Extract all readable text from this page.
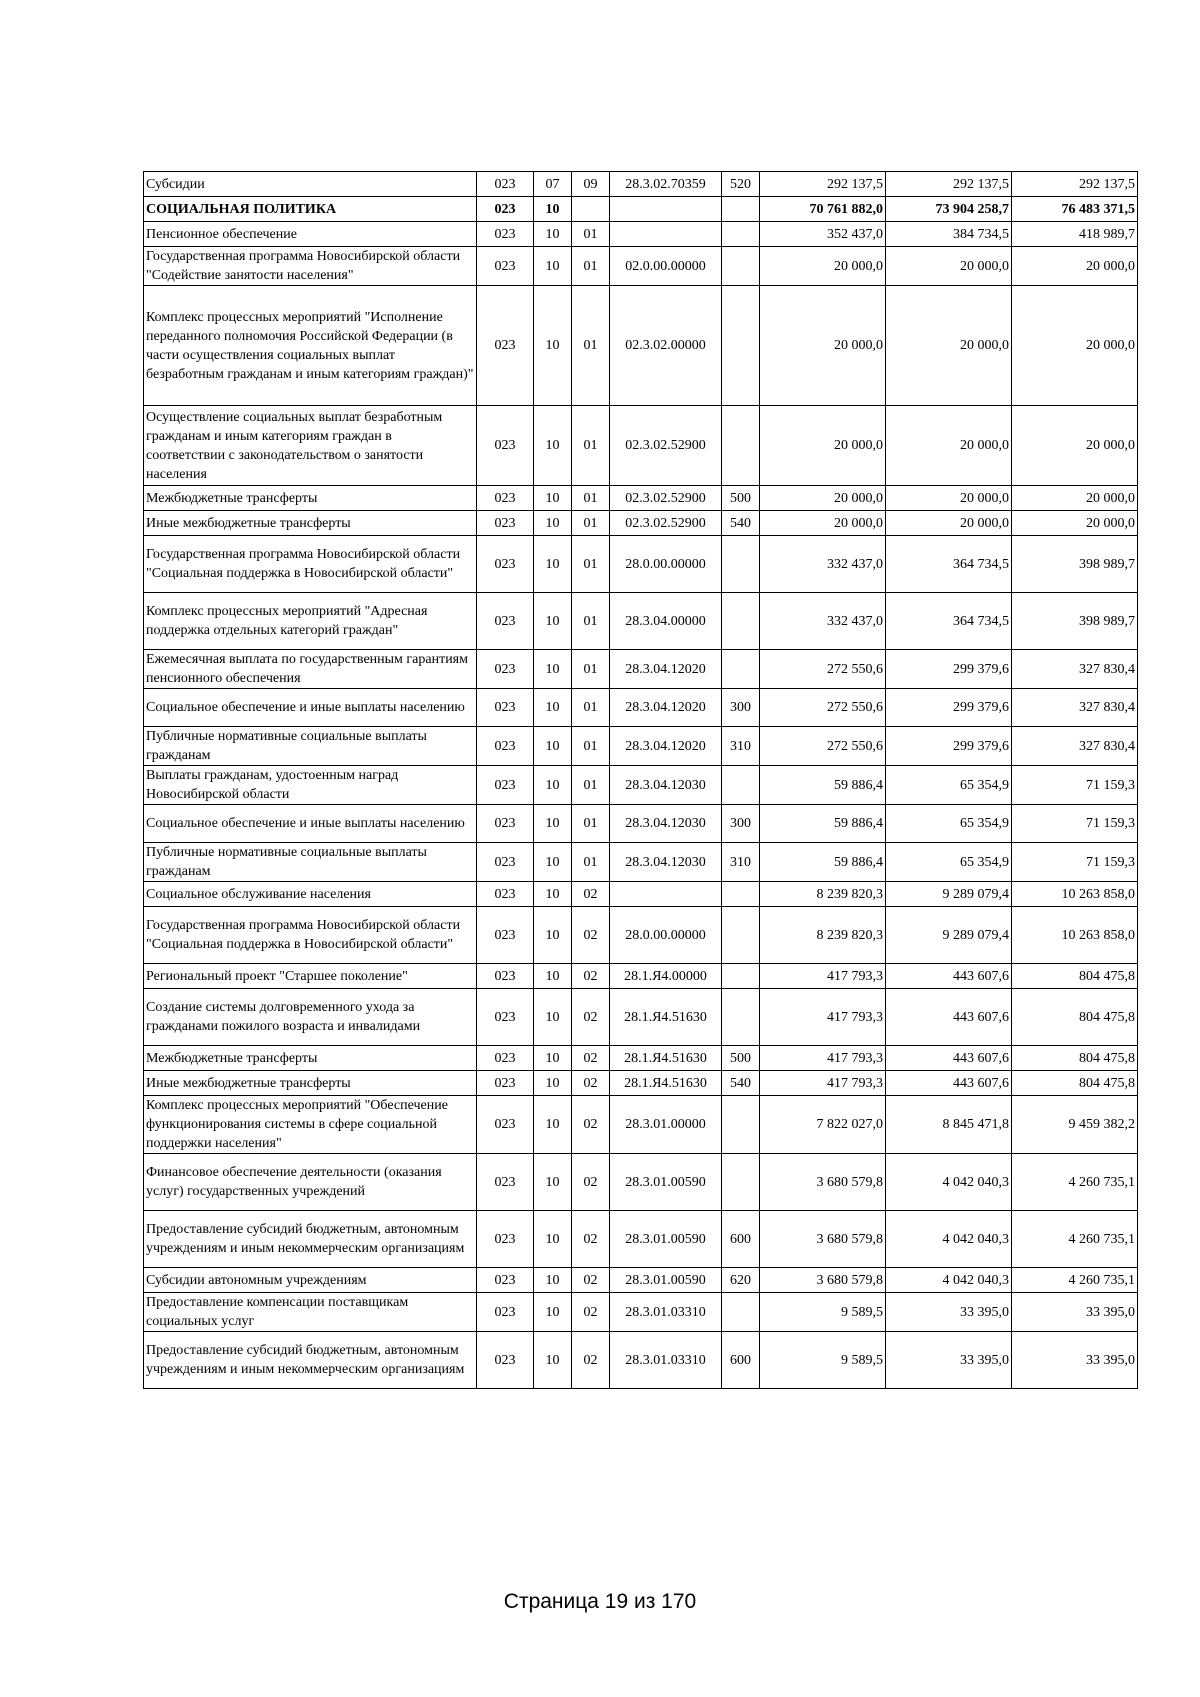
Субсидии	023	07	09	28.3.02.70359	520	292 137,5	292 137,5	292 137,5
СОЦИАЛЬНАЯ ПОЛИТИКА	023	10				70 761 882,0	73 904 258,7	76 483 371,5
Пенсионное обеспечение	023	10	01			352 437,0	384 734,5	418 989,7
Государственная программа Новосибирской области "Содействие занятости населения"	023	10	01	02.0.00.00000		20 000,0	20 000,0	20 000,0
Комплекс процессных мероприятий "Исполнение переданного полномочия Российской Федерации (в части осуществления социальных выплат безработным гражданам и иным категориям граждан)"	023	10	01	02.3.02.00000		20 000,0	20 000,0	20 000,0
Осуществление социальных выплат безработным гражданам и иным категориям граждан в соответствии с законодательством о занятости населения	023	10	01	02.3.02.52900		20 000,0	20 000,0	20 000,0
Межбюджетные трансферты	023	10	01	02.3.02.52900	500	20 000,0	20 000,0	20 000,0
Иные межбюджетные трансферты	023	10	01	02.3.02.52900	540	20 000,0	20 000,0	20 000,0
Государственная программа Новосибирской области "Социальная поддержка в Новосибирской области"	023	10	01	28.0.00.00000		332 437,0	364 734,5	398 989,7
Комплекс процессных мероприятий "Адресная поддержка отдельных категорий граждан"	023	10	01	28.3.04.00000		332 437,0	364 734,5	398 989,7
Ежемесячная выплата по государственным гарантиям пенсионного обеспечения	023	10	01	28.3.04.12020		272 550,6	299 379,6	327 830,4
Социальное обеспечение и иные выплаты населению	023	10	01	28.3.04.12020	300	272 550,6	299 379,6	327 830,4
Публичные нормативные социальные выплаты гражданам	023	10	01	28.3.04.12020	310	272 550,6	299 379,6	327 830,4
Выплаты гражданам, удостоенным наград Новосибирской области	023	10	01	28.3.04.12030		59 886,4	65 354,9	71 159,3
Социальное обеспечение и иные выплаты населению	023	10	01	28.3.04.12030	300	59 886,4	65 354,9	71 159,3
Публичные нормативные социальные выплаты гражданам	023	10	01	28.3.04.12030	310	59 886,4	65 354,9	71 159,3
Социальное обслуживание населения	023	10	02			8 239 820,3	9 289 079,4	10 263 858,0
Государственная программа Новосибирской области "Социальная поддержка в Новосибирской области"	023	10	02	28.0.00.00000		8 239 820,3	9 289 079,4	10 263 858,0
Региональный проект "Старшее поколение"	023	10	02	28.1.Я4.00000		417 793,3	443 607,6	804 475,8
Создание системы долговременного ухода за гражданами пожилого возраста и инвалидами	023	10	02	28.1.Я4.51630		417 793,3	443 607,6	804 475,8
Межбюджетные трансферты	023	10	02	28.1.Я4.51630	500	417 793,3	443 607,6	804 475,8
Иные межбюджетные трансферты	023	10	02	28.1.Я4.51630	540	417 793,3	443 607,6	804 475,8
Комплекс процессных мероприятий "Обеспечение функционирования системы в сфере социальной поддержки населения"	023	10	02	28.3.01.00000		7 822 027,0	8 845 471,8	9 459 382,2
Финансовое обеспечение деятельности (оказания услуг) государственных учреждений	023	10	02	28.3.01.00590		3 680 579,8	4 042 040,3	4 260 735,1
Предоставление субсидий бюджетным, автономным учреждениям и иным некоммерческим организациям	023	10	02	28.3.01.00590	600	3 680 579,8	4 042 040,3	4 260 735,1
Субсидии автономным учреждениям	023	10	02	28.3.01.00590	620	3 680 579,8	4 042 040,3	4 260 735,1
Предоставление компенсации поставщикам социальных услуг	023	10	02	28.3.01.03310		9 589,5	33 395,0	33 395,0
Предоставление субсидий бюджетным, автономным учреждениям и иным некоммерческим организациям	023	10	02	28.3.01.03310	600	9 589,5	33 395,0	33 395,0
Страница 19 из 170
